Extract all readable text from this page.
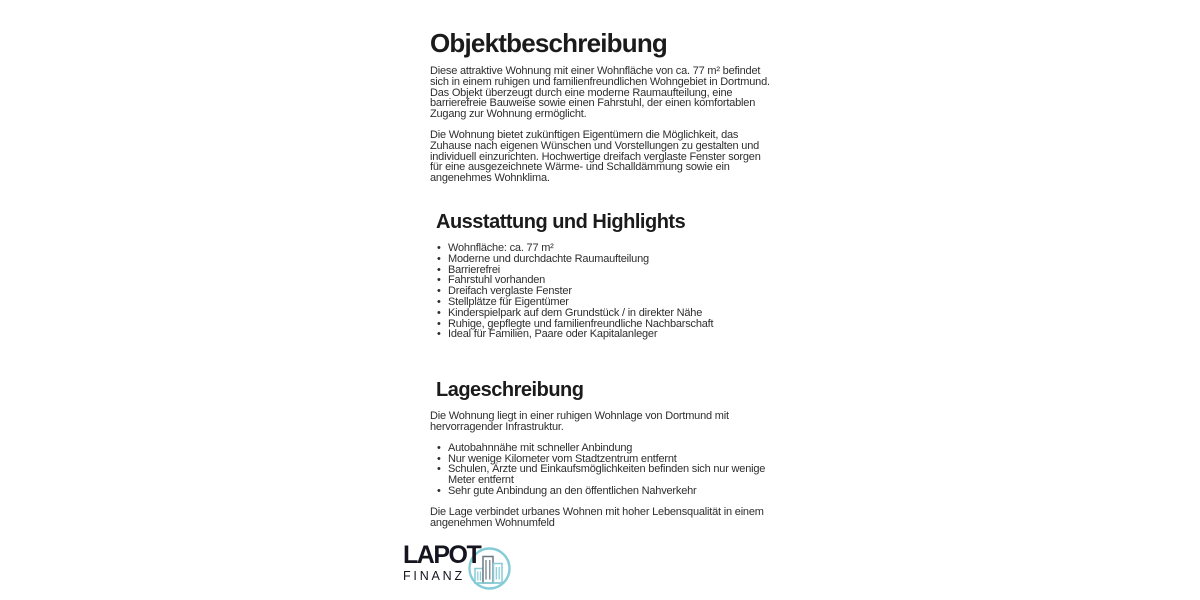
Objektbeschreibung

Diese attraktive Wohnung mit einer Wohnfläche von ca. 77 m² befindet sich in einem ruhigen und familienfreundlichen Wohngebiet in Dortmund. Das Objekt überzeugt durch eine moderne Raumaufteilung, eine barrierefreie Bauweise sowie einen Fahrstuhl, der einen komfortablen Zugang zur Wohnung ermöglicht.

Die Wohnung bietet zukünftigen Eigentümern die Möglichkeit, das Zuhause nach eigenen Wünschen und Vorstellungen zu gestalten und individuell einzurichten. Hochwertige dreifach verglaste Fenster sorgen für eine ausgezeichnete Wärme- und Schalldämmung sowie ein angenehmes Wohnklima.

Ausstattung und Highlights
• Wohnfläche: ca. 77 m²
• Moderne und durchdachte Raumaufteilung
• Barrierefrei
• Fahrstuhl vorhanden
• Dreifach verglaste Fenster
• Stellplätze für Eigentümer
• Kinderspielpark auf dem Grundstück / in direkter Nähe
• Ruhige, gepflegte und familienfreundliche Nachbarschaft
• Ideal für Familien, Paare oder Kapitalanleger
Lageschreibung

Die Wohnung liegt in einer ruhigen Wohnlage von Dortmund mit hervorragender Infrastruktur.

• Autobahnnähe mit schneller Anbindung
• Nur wenige Kilometer vom Stadtzentrum entfernt
• Schulen, Ärzte und Einkaufsmöglichkeiten befinden sich nur wenige Meter entfernt
• Sehr gute Anbindung an den öffentlichen Nahverkehr

Die Lage verbindet urbanes Wohnen mit hoher Lebensqualität in einem angenehmen Wohnumfeld

LAPOT
FINANZ
